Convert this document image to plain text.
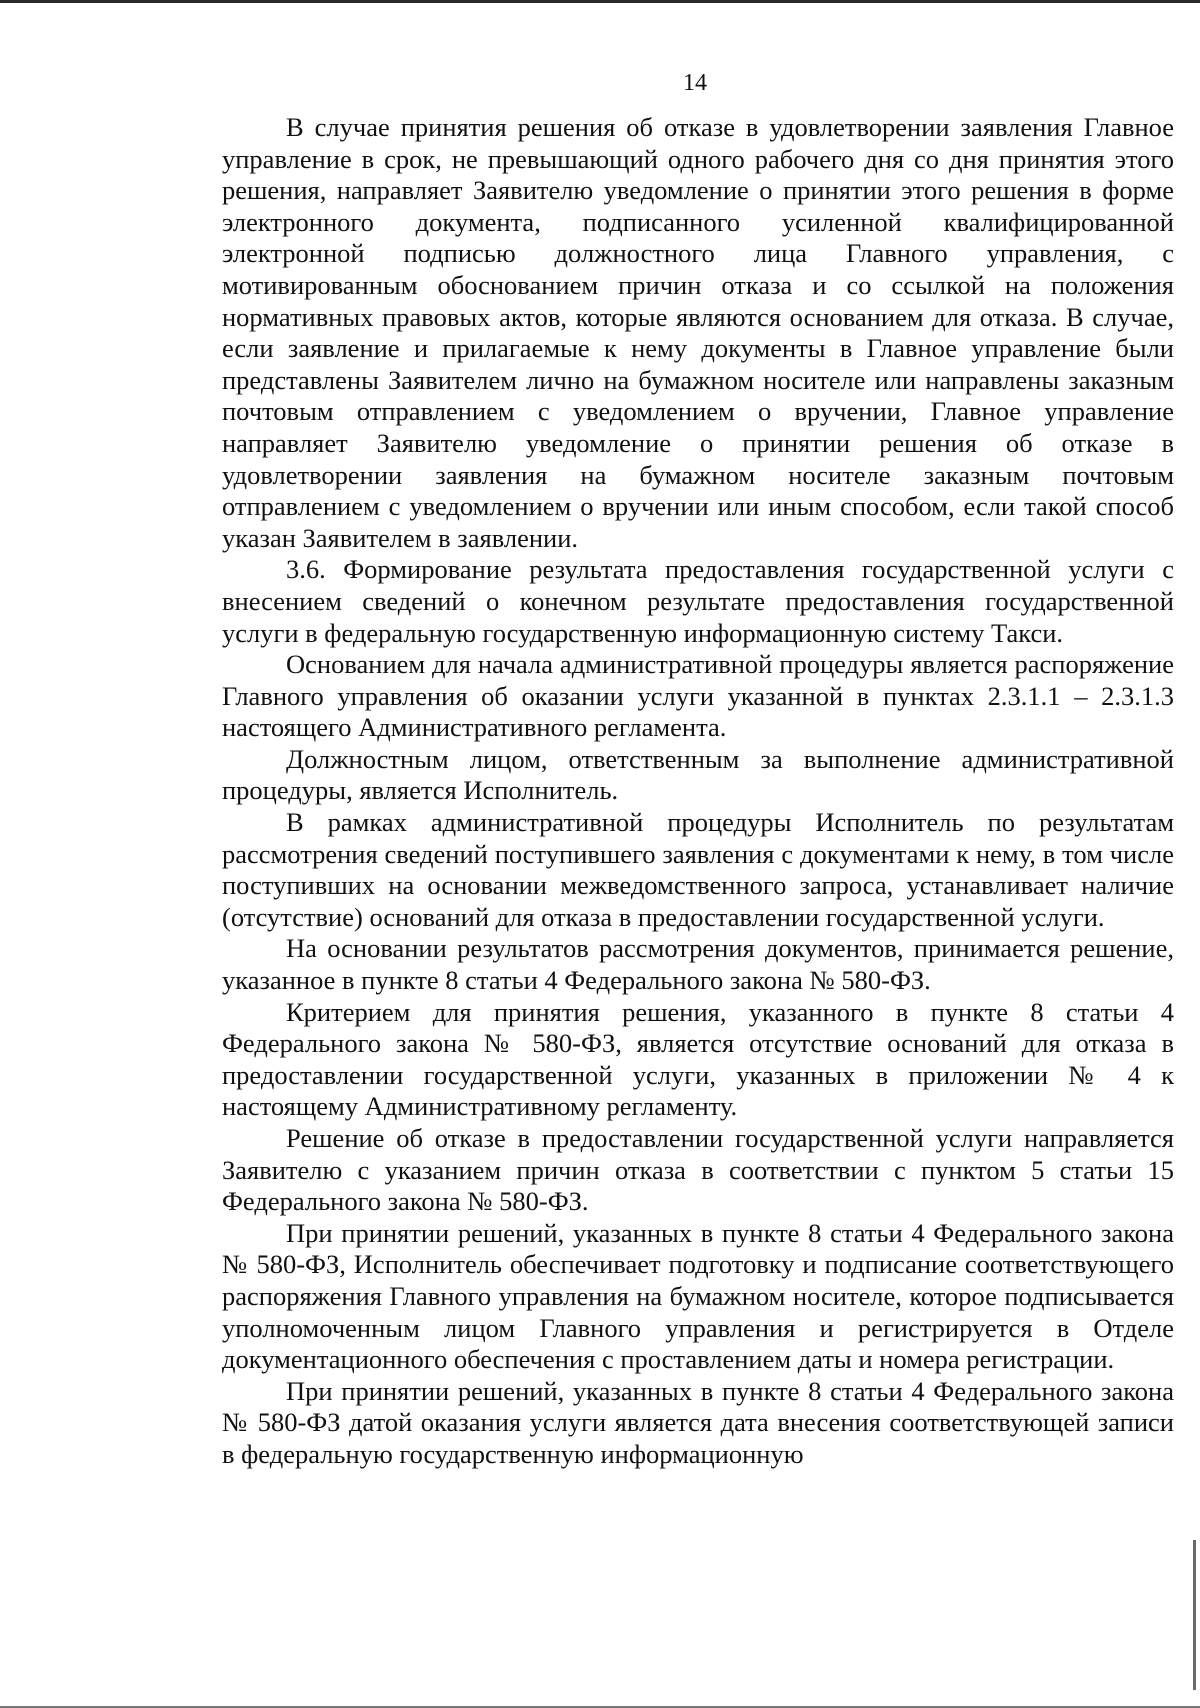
14

В случае принятия решения об отказе в удовлетворении заявления Главное управление в срок, не превышающий одного рабочего дня со дня принятия этого решения, направляет Заявителю уведомление о принятии этого решения в форме электронного документа, подписанного усиленной квалифицированной электронной подписью должностного лица Главного управления, с мотивированным обоснованием причин отказа и со ссылкой на положения нормативных правовых актов, которые являются основанием для отказа. В случае, если заявление и прилагаемые к нему документы в Главное управление были представлены Заявителем лично на бумажном носителе или направлены заказным почтовым отправлением с уведомлением о вручении, Главное управление направляет Заявителю уведомление о принятии решения об отказе в удовлетворении заявления на бумажном носителе заказным почтовым отправлением с уведомлением о вручении или иным способом, если такой способ указан Заявителем в заявлении.

3.6. Формирование результата предоставления государственной услуги с внесением сведений о конечном результате предоставления государственной услуги в федеральную государственную информационную систему Такси.

Основанием для начала административной процедуры является распоряжение Главного управления об оказании услуги указанной в пунктах 2.3.1.1 – 2.3.1.3 настоящего Административного регламента.

Должностным лицом, ответственным за выполнение административной процедуры, является Исполнитель.

В рамках административной процедуры Исполнитель по результатам рассмотрения сведений поступившего заявления с документами к нему, в том числе поступивших на основании межведомственного запроса, устанавливает наличие (отсутствие) оснований для отказа в предоставлении государственной услуги.

На основании результатов рассмотрения документов, принимается решение, указанное в пункте 8 статьи 4 Федерального закона № 580-ФЗ.

Критерием для принятия решения, указанного в пункте 8 статьи 4 Федерального закона № 580-ФЗ, является отсутствие оснований для отказа в предоставлении государственной услуги, указанных в приложении № 4 к настоящему Административному регламенту.

Решение об отказе в предоставлении государственной услуги направляется Заявителю с указанием причин отказа в соответствии с пунктом 5 статьи 15 Федерального закона № 580-ФЗ.

При принятии решений, указанных в пункте 8 статьи 4 Федерального закона № 580-ФЗ, Исполнитель обеспечивает подготовку и подписание соответствующего распоряжения Главного управления на бумажном носителе, которое подписывается уполномоченным лицом Главного управления и регистрируется в Отделе документационного обеспечения с проставлением даты и номера регистрации.

При принятии решений, указанных в пункте 8 статьи 4 Федерального закона № 580-ФЗ датой оказания услуги является дата внесения соответствующей записи в федеральную государственную информационную
